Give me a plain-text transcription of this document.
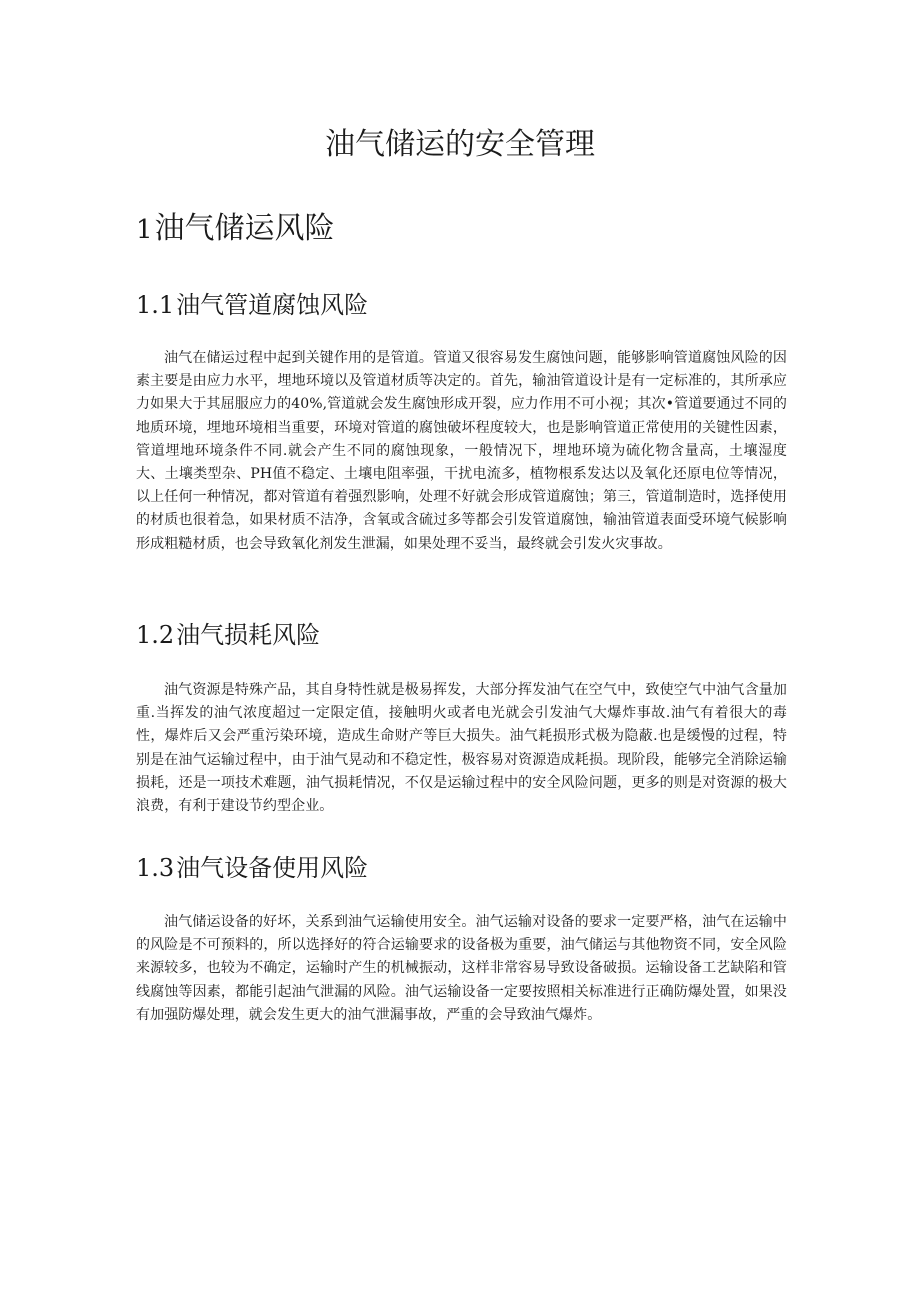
油气储运的安全管理
1油气储运风险
1.1油气管道腐蚀风险

油气在储运过程中起到关键作用的是管道。管道又很容易发生腐蚀问题，能够影响管道腐蚀风险的因素主要是由应力水平，埋地环境以及管道材质等决定的。首先，输油管道设计是有一定标准的，其所承应力如果大于其屈服应力的40%,管道就会发生腐蚀形成开裂，应力作用不可小视；其次•管道要通过不同的地质环境，埋地环境相当重要，环境对管道的腐蚀破坏程度较大，也是影响管道正常使用的关键性因素，管道埋地环境条件不同.就会产生不同的腐蚀现象，一般情况下，埋地环境为硫化物含量高，土壤湿度大、土壤类型杂、PH值不稳定、土壤电阻率强，干扰电流多，植物根系发达以及氧化还原电位等情况，以上任何一种情况，都对管道有着强烈影响，处理不好就会形成管道腐蚀；第三，管道制造时，选择使用的材质也很着急，如果材质不洁净，含氧或含硫过多等都会引发管道腐蚀，输油管道表面受环境气候影响形成粗糙材质，也会导致氧化剂发生泄漏，如果处理不妥当，最终就会引发火灾事故。

1.2油气损耗风险

油气资源是特殊产品，其自身特性就是极易挥发，大部分挥发油气在空气中，致使空气中油气含量加重.当挥发的油气浓度超过一定限定值，接触明火或者电光就会引发油气大爆炸事故.油气有着很大的毒性，爆炸后又会严重污染环境，造成生命财产等巨大损失。油气耗损形式极为隐蔽.也是缓慢的过程，特别是在油气运输过程中，由于油气晃动和不稳定性，极容易对资源造成耗损。现阶段，能够完全消除运输损耗，还是一项技术难题，油气损耗情况，不仅是运输过程中的安全风险问题，更多的则是对资源的极大浪费，有利于建设节约型企业。

1.3油气设备使用风险

油气储运设备的好坏，关系到油气运输使用安全。油气运输对设备的要求一定要严格，油气在运输中的风险是不可预料的，所以选择好的符合运输要求的设备极为重要，油气储运与其他物资不同，安全风险来源较多，也较为不确定，运输时产生的机械振动，这样非常容易导致设备破损。运输设备工艺缺陷和管线腐蚀等因素，都能引起油气泄漏的风险。油气运输设备一定要按照相关标准进行正确防爆处置，如果没有加强防爆处理，就会发生更大的油气泄漏事故，严重的会导致油气爆炸。
